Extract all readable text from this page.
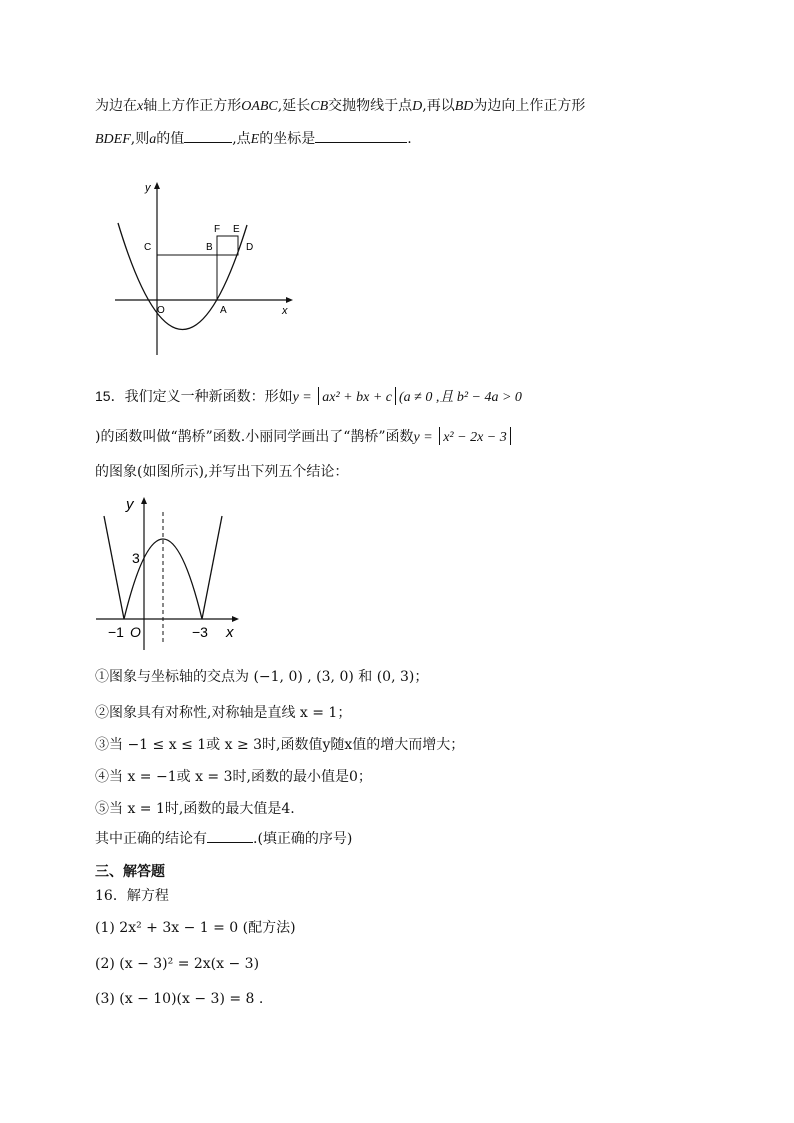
为边在x轴上方作正方形OABC,延长CB交抛物线于点D,再以BD为边向上作正方形
BDEF,则a的值	,点E的坐标是	.
y
x
C	B
F E
D
O	A
15．我们定义一种新函数：形如y = ax² + bx + c (a ≠ 0 ,且 b² − 4a > 0
)的函数叫做“鹊桥”函数.小丽同学画出了“鹊桥”函数y = x² − 2x − 3
的图象(如图所示),并写出下列五个结论：
y
x
3
−1 O	−3
①图象与坐标轴的交点为 (−1, 0) , (3, 0) 和 (0, 3)；
②图象具有对称性,对称轴是直线 x = 1；
③当 −1 ≤ x ≤ 1或 x ≥ 3时,函数值y随x值的增大而增大；
④当 x = −1或 x = 3时,函数的最小值是0；
⑤当 x = 1时,函数的最大值是4.
其中正确的结论有	.(填正确的序号)
三、解答题
16．解方程
(1) 2x² + 3x − 1 = 0 (配方法)
(2) (x − 3)² = 2x(x − 3)
(3) (x − 10)(x − 3) = 8 .
